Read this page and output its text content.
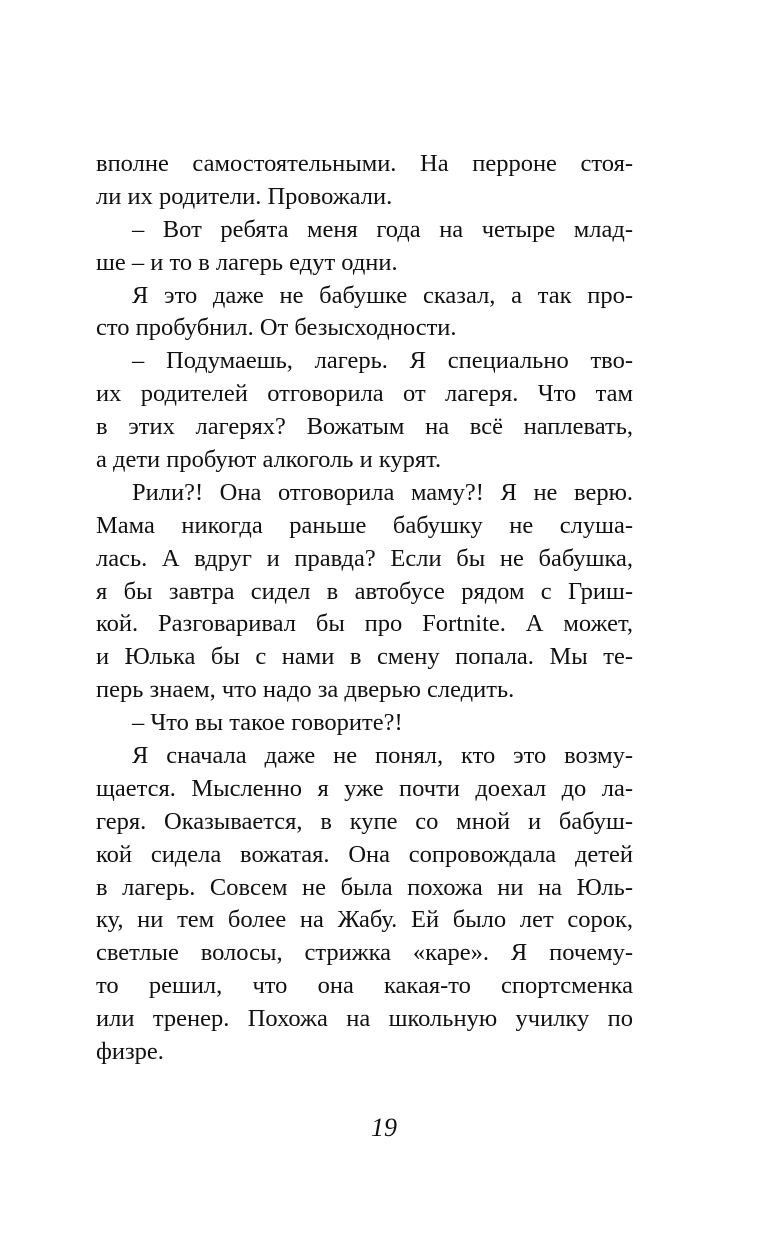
вполне самостоятельными. На перроне стоя-
ли их родители. Провожали.
– Вот ребята меня года на четыре млад-
ше – и то в лагерь едут одни.
Я это даже не бабушке сказал, а так про-
сто пробубнил. От безысходности.
– Подумаешь, лагерь. Я специально тво-
их родителей отговорила от лагеря. Что там
в этих лагерях? Вожатым на всё наплевать,
а дети пробуют алкоголь и курят.
Рили?! Она отговорила маму?! Я не верю.
Мама никогда раньше бабушку не слуша-
лась. А вдруг и правда? Если бы не бабушка,
я бы завтра сидел в автобусе рядом с Гриш-
кой. Разговаривал бы про Fortnite. А может,
и Юлька бы с нами в смену попала. Мы те-
перь знаем, что надо за дверью следить.
– Что вы такое говорите?!
Я сначала даже не понял, кто это возму-
щается. Мысленно я уже почти доехал до ла-
геря. Оказывается, в купе со мной и бабуш-
кой сидела вожатая. Она сопровождала детей
в лагерь. Совсем не была похожа ни на Юль-
ку, ни тем более на Жабу. Ей было лет сорок,
светлые волосы, стрижка «каре». Я почему-
то решил, что она какая-то спортсменка
или тренер. Похожа на школьную училку по
физре.
19
